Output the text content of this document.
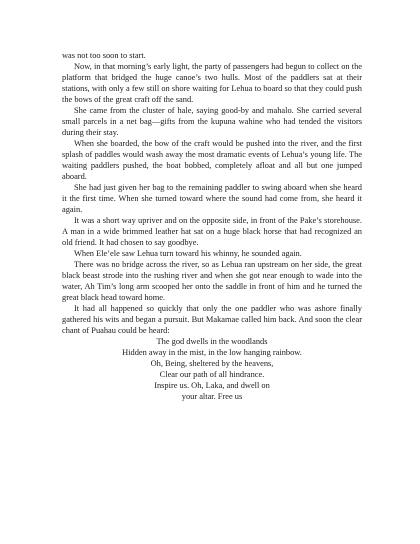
was not too soon to start.

Now, in that morning’s early light, the party of passengers had begun to collect on the platform that bridged the huge canoe’s two hulls. Most of the paddlers sat at their stations, with only a few still on shore waiting for Lehua to board so that they could push the bows of the great craft off the sand.

She came from the cluster of hale, saying good-by and mahalo. She carried several small parcels in a net bag—gifts from the kupuna wahine who had tended the visitors during their stay.

When she boarded, the bow of the craft would be pushed into the river, and the first splash of paddles would wash away the most dramatic events of Lehua’s young life. The waiting paddlers pushed, the boat bobbed, completely afloat and all but one jumped aboard.

She had just given her bag to the remaining paddler to swing aboard when she heard it the first time. When she turned toward where the sound had come from, she heard it again.

It was a short way upriver and on the opposite side, in front of the Pake’s storehouse. A man in a wide brimmed leather hat sat on a huge black horse that had recognized an old friend. It had chosen to say goodbye.

When Ele’ele saw Lehua turn toward his whinny, he sounded again.

There was no bridge across the river, so as Lehua ran upstream on her side, the great black beast strode into the rushing river and when she got near enough to wade into the water, Ah Tim’s long arm scooped her onto the saddle in front of him and he turned the great black head toward home.

It had all happened so quickly that only the one paddler who was ashore finally gathered his wits and began a pursuit. But Makamae called him back. And soon the clear chant of Puahau could be heard:

The god dwells in the woodlands
Hidden away in the mist, in the low hanging rainbow.
Oh, Being, sheltered by the heavens,
Clear our path of all hindrance.
Inspire us. Oh, Laka, and dwell on
your altar. Free us
